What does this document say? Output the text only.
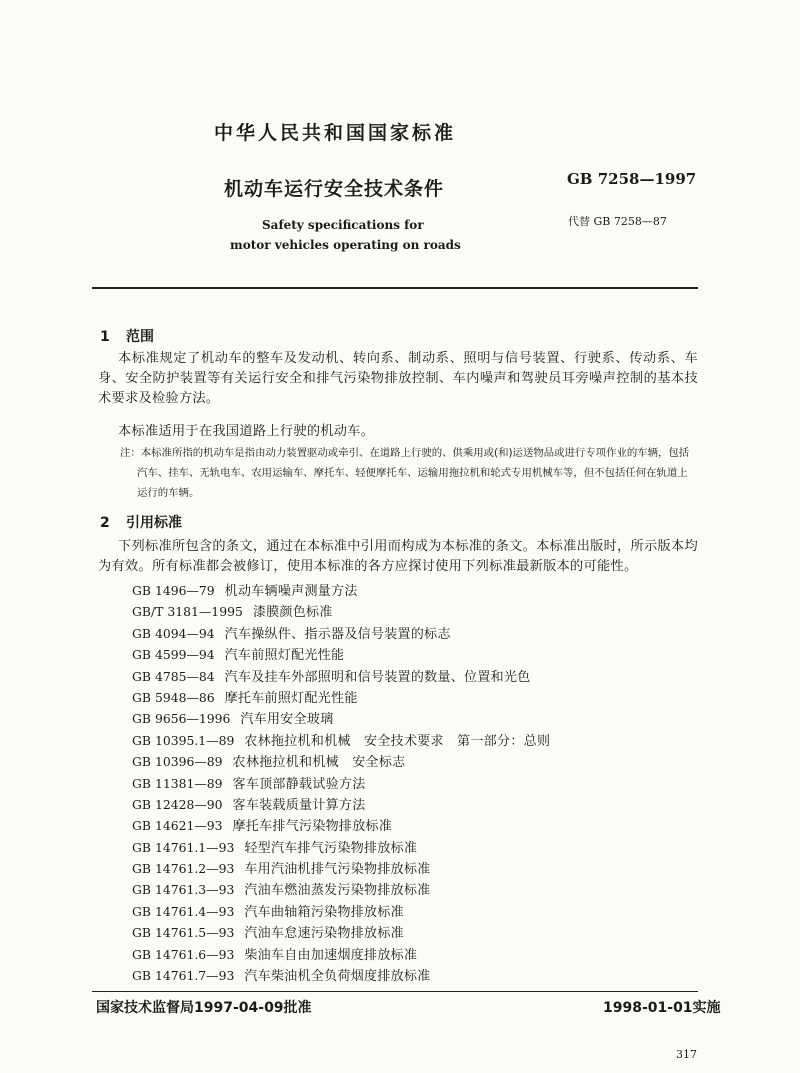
中华人民共和国国家标准
机动车运行安全技术条件
Safety specifications for
motor vehicles operating on roads
GB 7258—1997
代替 GB 7258—87
1 范围
本标准规定了机动车的整车及发动机、转向系、制动系、照明与信号装置、行驶系、传动系、车身、安全防护装置等有关运行安全和排气污染物排放控制、车内噪声和驾驶员耳旁噪声控制的基本技术要求及检验方法。
本标准适用于在我国道路上行驶的机动车。
注：本标准所指的机动车是指由动力装置驱动或牵引、在道路上行驶的、供乘用或(和)运送物品或进行专项作业的车辆，包括汽车、挂车、无轨电车、农用运输车、摩托车、轻便摩托车、运输用拖拉机和轮式专用机械车等，但不包括任何在轨道上运行的车辆。
2 引用标准
下列标准所包含的条文，通过在本标准中引用而构成为本标准的条文。本标准出版时，所示版本均为有效。所有标准都会被修订，使用本标准的各方应探讨使用下列标准最新版本的可能性。
GB 1496—79 机动车辆噪声测量方法
GB/T 3181—1995 漆膜颜色标准
GB 4094—94 汽车操纵件、指示器及信号装置的标志
GB 4599—94 汽车前照灯配光性能
GB 4785—84 汽车及挂车外部照明和信号装置的数量、位置和光色
GB 5948—86 摩托车前照灯配光性能
GB 9656—1996 汽车用安全玻璃
GB 10395.1—89 农林拖拉机和机械　安全技术要求　第一部分：总则
GB 10396—89 农林拖拉机和机械　安全标志
GB 11381—89 客车顶部静载试验方法
GB 12428—90 客车装载质量计算方法
GB 14621—93 摩托车排气污染物排放标准
GB 14761.1—93 轻型汽车排气污染物排放标准
GB 14761.2—93 车用汽油机排气污染物排放标准
GB 14761.3—93 汽油车燃油蒸发污染物排放标准
GB 14761.4—93 汽车曲轴箱污染物排放标准
GB 14761.5—93 汽油车怠速污染物排放标准
GB 14761.6—93 柴油车自由加速烟度排放标准
GB 14761.7—93 汽车柴油机全负荷烟度排放标准
国家技术监督局1997-04-09批准	1998-01-01实施
317
